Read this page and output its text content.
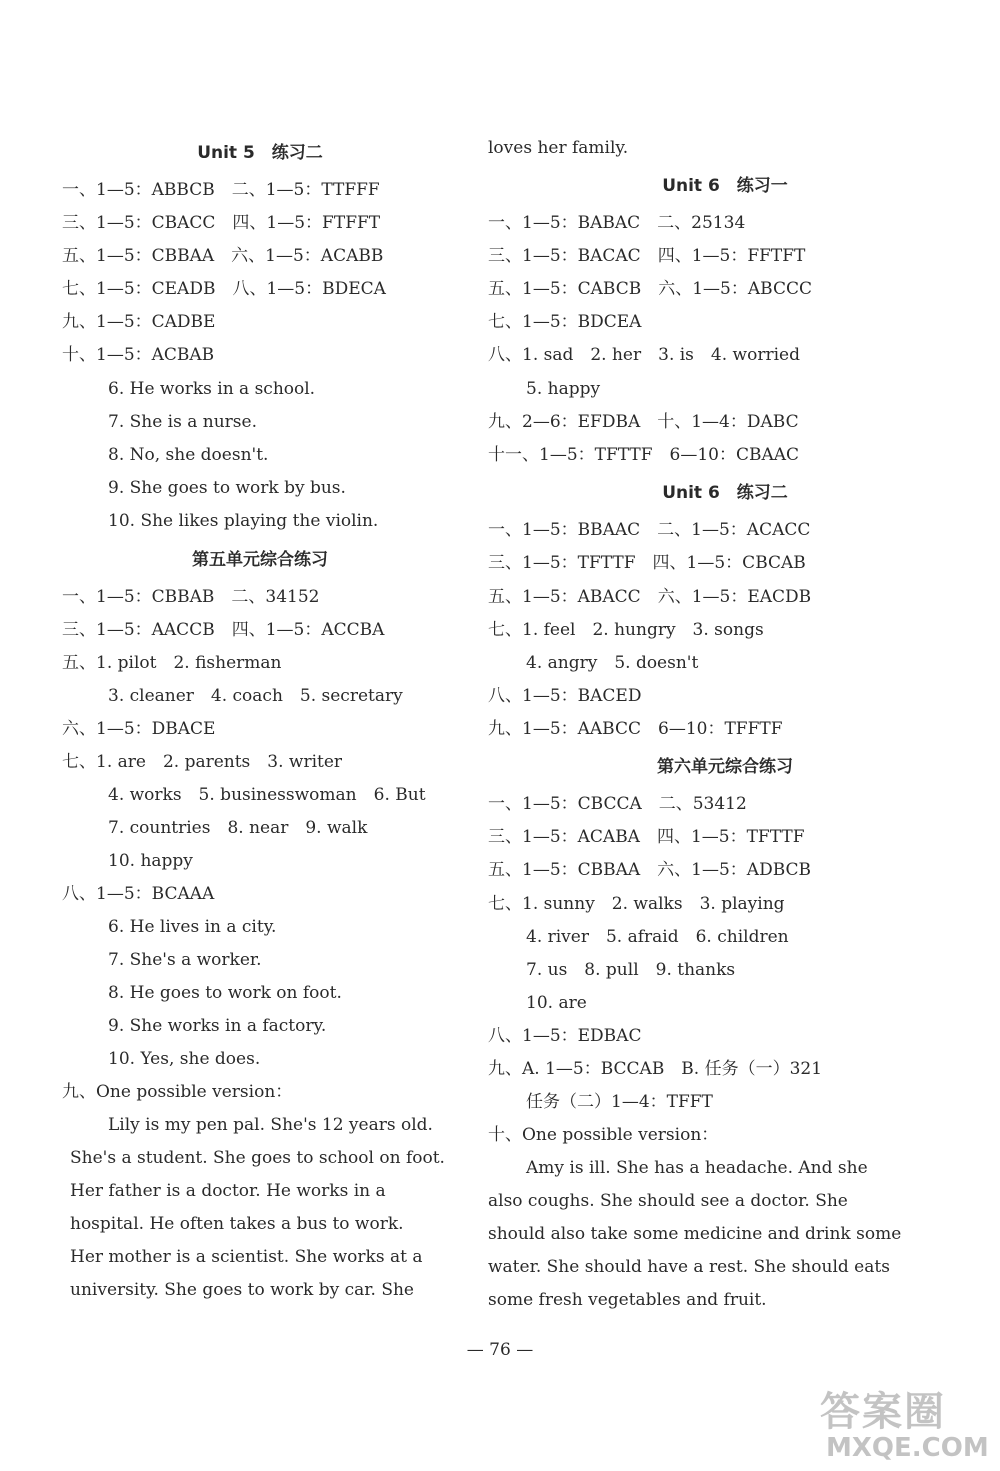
Unit 5　练习二
一、1—5：ABBCB　二、1—5：TTFFF
三、1—5：CBACC　四、1—5：FTFFT
五、1—5：CBBAA　六、1—5：ACABB
七、1—5：CEADB　八、1—5：BDECA
九、1—5：CADBE
十、1—5：ACBAB
6. He works in a school.
7. She is a nurse.
8. No, she doesn't.
9. She goes to work by bus.
10. She likes playing the violin.
第五单元综合练习
一、1—5：CBBAB　二、34152
三、1—5：AACCB　四、1—5：ACCBA
五、1. pilot　2. fisherman
3. cleaner　4. coach　5. secretary
六、1—5：DBACE
七、1. are　2. parents　3. writer
4. works　5. businesswoman　6. But
7. countries　8. near　9. walk
10. happy
八、1—5：BCAAA
6. He lives in a city.
7. She's a worker.
8. He goes to work on foot.
9. She works in a factory.
10. Yes, she does.
九、One possible version：
Lily is my pen pal. She's 12 years old.
She's a student. She goes to school on foot.
Her father is a doctor. He works in a
hospital. He often takes a bus to work.
Her mother is a scientist. She works at a
university. She goes to work by car. She
loves her family.
Unit 6　练习一
一、1—5：BABAC　二、25134
三、1—5：BACAC　四、1—5：FFTFT
五、1—5：CABCB　六、1—5：ABCCC
七、1—5：BDCEA
八、1. sad　2. her　3. is　4. worried
5. happy
九、2—6：EFDBA　十、1—4：DABC
十一、1—5：TFTTF　6—10：CBAAC
Unit 6　练习二
一、1—5：BBAAC　二、1—5：ACACC
三、1—5：TFTTF　四、1—5：CBCAB
五、1—5：ABACC　六、1—5：EACDB
七、1. feel　2. hungry　3. songs
4. angry　5. doesn't
八、1—5：BACED
九、1—5：AABCC　6—10：TFFTF
第六单元综合练习
一、1—5：CBCCA　二、53412
三、1—5：ACABA　四、1—5：TFTTF
五、1—5：CBBAA　六、1—5：ADBCB
七、1. sunny　2. walks　3. playing
4. river　5. afraid　6. children
7. us　8. pull　9. thanks
10. are
八、1—5：EDBAC
九、A. 1—5：BCCAB　B. 任务（一）321
任务（二）1—4：TFFT
十、One possible version：
Amy is ill. She has a headache. And she
also coughs. She should see a doctor. She
should also take some medicine and drink some
water. She should have a rest. She should eats
some fresh vegetables and fruit.
— 76 —
答案圈
MXQE.COM
